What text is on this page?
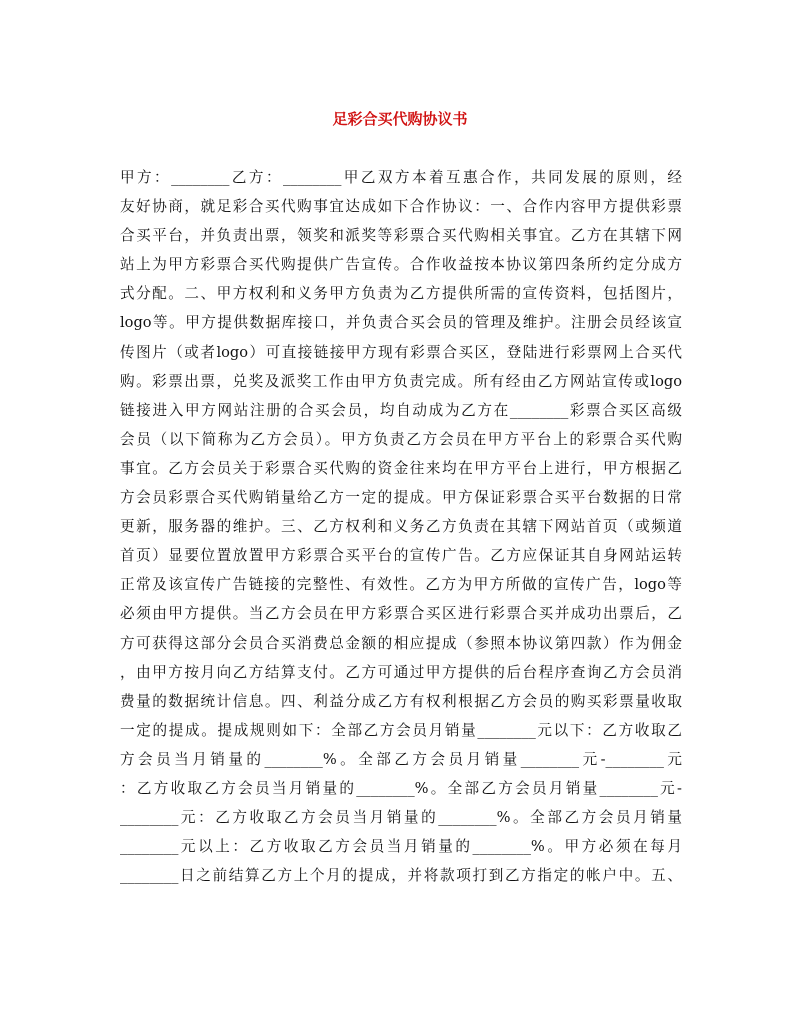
足彩合买代购协议书
甲方：________乙方：________甲乙双方本着互惠合作，共同发展的原则，经
友好协商，就足彩合买代购事宜达成如下合作协议：一、合作内容甲方提供彩票
合买平台，并负责出票，领奖和派奖等彩票合买代购相关事宜。乙方在其辖下网
站上为甲方彩票合买代购提供广告宣传。合作收益按本协议第四条所约定分成方
式分配。二、甲方权利和义务甲方负责为乙方提供所需的宣传资料，包括图片，
logo等。甲方提供数据库接口，并负责合买会员的管理及维护。注册会员经该宣
传图片（或者logo）可直接链接甲方现有彩票合买区，登陆进行彩票网上合买代
购。彩票出票，兑奖及派奖工作由甲方负责完成。所有经由乙方网站宣传或logo
链接进入甲方网站注册的合买会员，均自动成为乙方在________彩票合买区高级
会员（以下简称为乙方会员）。甲方负责乙方会员在甲方平台上的彩票合买代购
事宜。乙方会员关于彩票合买代购的资金往来均在甲方平台上进行，甲方根据乙
方会员彩票合买代购销量给乙方一定的提成。甲方保证彩票合买平台数据的日常
更新，服务器的维护。三、乙方权利和义务乙方负责在其辖下网站首页（或频道
首页）显要位置放置甲方彩票合买平台的宣传广告。乙方应保证其自身网站运转
正常及该宣传广告链接的完整性、有效性。乙方为甲方所做的宣传广告，logo等
必须由甲方提供。当乙方会员在甲方彩票合买区进行彩票合买并成功出票后，乙
方可获得这部分会员合买消费总金额的相应提成（参照本协议第四款）作为佣金
，由甲方按月向乙方结算支付。乙方可通过甲方提供的后台程序查询乙方会员消
费量的数据统计信息。四、利益分成乙方有权利根据乙方会员的购买彩票量收取
一定的提成。提成规则如下：全部乙方会员月销量________元以下：乙方收取乙
方会员当月销量的________%。全部乙方会员月销量________元-________元
：乙方收取乙方会员当月销量的________%。全部乙方会员月销量________元-
________元：乙方收取乙方会员当月销量的________%。全部乙方会员月销量
________元以上：乙方收取乙方会员当月销量的________%。甲方必须在每月
________日之前结算乙方上个月的提成，并将款项打到乙方指定的帐户中。五、
